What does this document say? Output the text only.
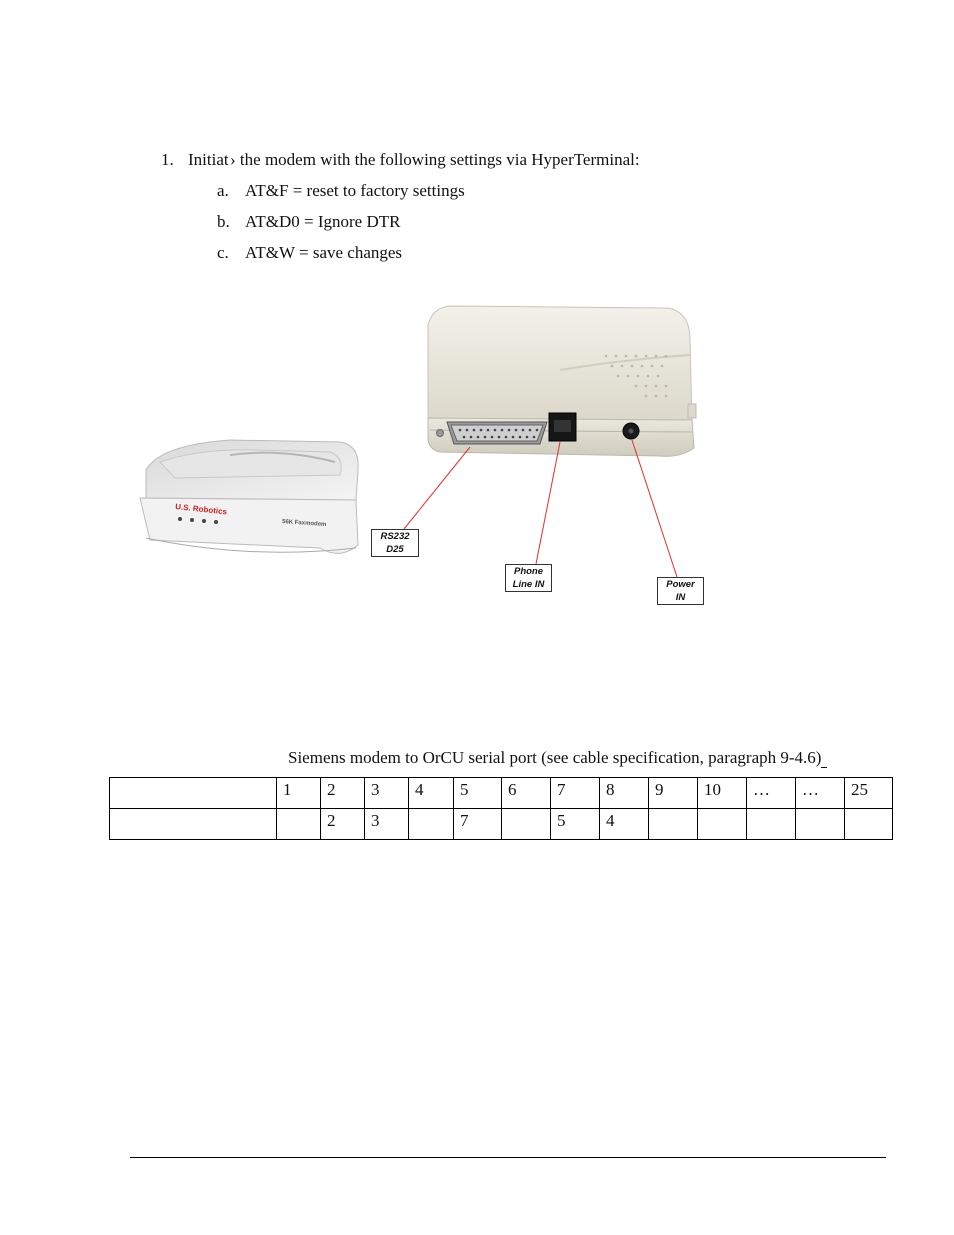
1. Initiat › the modem with the following settings via HyperTerminal:
a. AT&F = reset to factory settings
b. AT&D0 = Ignore DTR
c. AT&W = save changes
U.S. Robotics
56K Faxmodem
RS232
D25
Phone
Line IN	Power
IN
Siemens modem to OrCU serial port (see cable specification, paragraph 9-4.6)
	1	2	3	4	5	6	7	8	9	10	…	…	25
		2	3		7		5	4					
